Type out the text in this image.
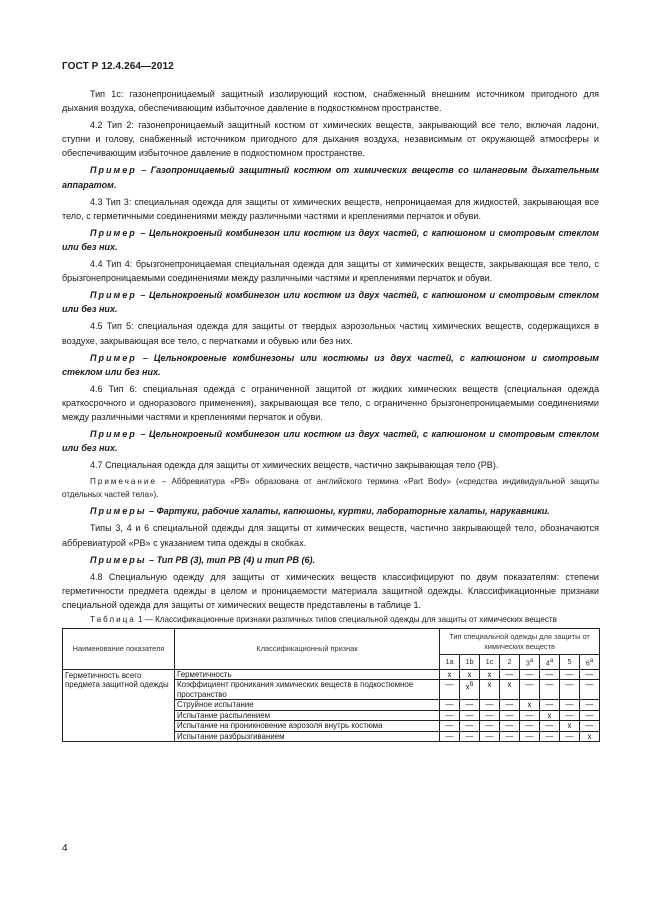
ГОСТ Р 12.4.264—2012

Тип 1с: газонепроницаемый защитный изолирующий костюм, снабженный внешним источником пригодного для дыхания воздуха, обеспечивающим избыточное давление в подкостюмном пространстве.

4.2 Тип 2: газонепроницаемый защитный костюм от химических веществ, закрывающий все тело, включая ладони, ступни и голову, снабженный источником пригодного для дыхания воздуха, независимым от окружающей атмосферы и обеспечивающим избыточное давление в подкостюмном пространстве.

Пример – Газопроницаемый защитный костюм от химических веществ со шланговым дыхательным аппаратом.

4.3 Тип 3: специальная одежда для защиты от химических веществ, непроницаемая для жидкостей, закрывающая все тело, с герметичными соединениями между различными частями и креплениями перчаток и обуви.

Пример – Цельнокроеный комбинезон или костюм из двух частей, с капюшоном и смотровым стеклом или без них.

4.4 Тип 4: брызгонепроницаемая специальная одежда для защиты от химических веществ, закрывающая все тело, с брызгонепроницаемыми соединениями между различными частями и креплениями перчаток и обуви.

Пример – Цельнокроеный комбинезон или костюм из двух частей, с капюшоном и смотровым стеклом или без них.

4.5 Тип 5: специальная одежда для защиты от твердых аэрозольных частиц химических веществ, содержащихся в воздухе, закрывающая все тело, с перчатками и обувью или без них.

Пример – Цельнокроеные комбинезоны или костюмы из двух частей, с капюшоном и смотровым стеклом или без них.

4.6 Тип 6: специальная одежда с ограниченной защитой от жидких химических веществ (специальная одежда краткосрочного и одноразового применения), закрывающая все тело, с ограниченно брызгонепроницаемыми соединениями между различными частями и креплениями перчаток и обуви.

Пример – Цельнокроеный комбинезон или костюм из двух частей, с капюшоном и смотровым стеклом или без них.

4.7 Специальная одежда для защиты от химических веществ, частично закрывающая тело (PB).

Примечание – Аббревиатура «PB» образована от английского термина «Part Body» («средства индивидуальной защиты отдельных частей тела»).

Примеры – Фартуки, рабочие халаты, капюшоны, куртки, лабораторные халаты, нарукавники.

Типы 3, 4 и 6 специальной одежды для защиты от химических веществ, частично закрывающей тело, обозначаются аббревиатурой «PB» с указанием типа одежды в скобках.

Примеры – Тип PB (3), тип PB (4) и тип PB (6).

4.8 Специальную одежду для защиты от химических веществ классифицируют по двум показателям: степени герметичности предмета одежды в целом и проницаемости материала защитной одежды. Классификационные признаки специальной одежда для защиты от химических веществ представлены в таблице 1.

Таблица 1 — Классификационные признаки различных типов специальной одежды для защиты от химических веществ

Наименование показателя	Классификационный признак	Тип специальной одежды для защиты от химических веществ							
		1а	1b	1с	2	$3^а$	$4^а$	5	$6^а$
Герметичность всего предмета защитной одежды	Герметичность	x	x	x	—	—	—	—	—
	Коэффициент проникания химических веществ в подкостюмное пространство	—	$x^б$	x	x	—	—	—	—
	Струйное испытание	—	—	—	—	x	—	—	—
	Испытание распылением	—	—	—	—	—	x	—	—
	Испытание на проникновение аэрозоля внутрь костюма	—	—	—	—	—	—	x	—
	Испытание разбрызгиванием	—	—	—	—	—	—	—	x
4
